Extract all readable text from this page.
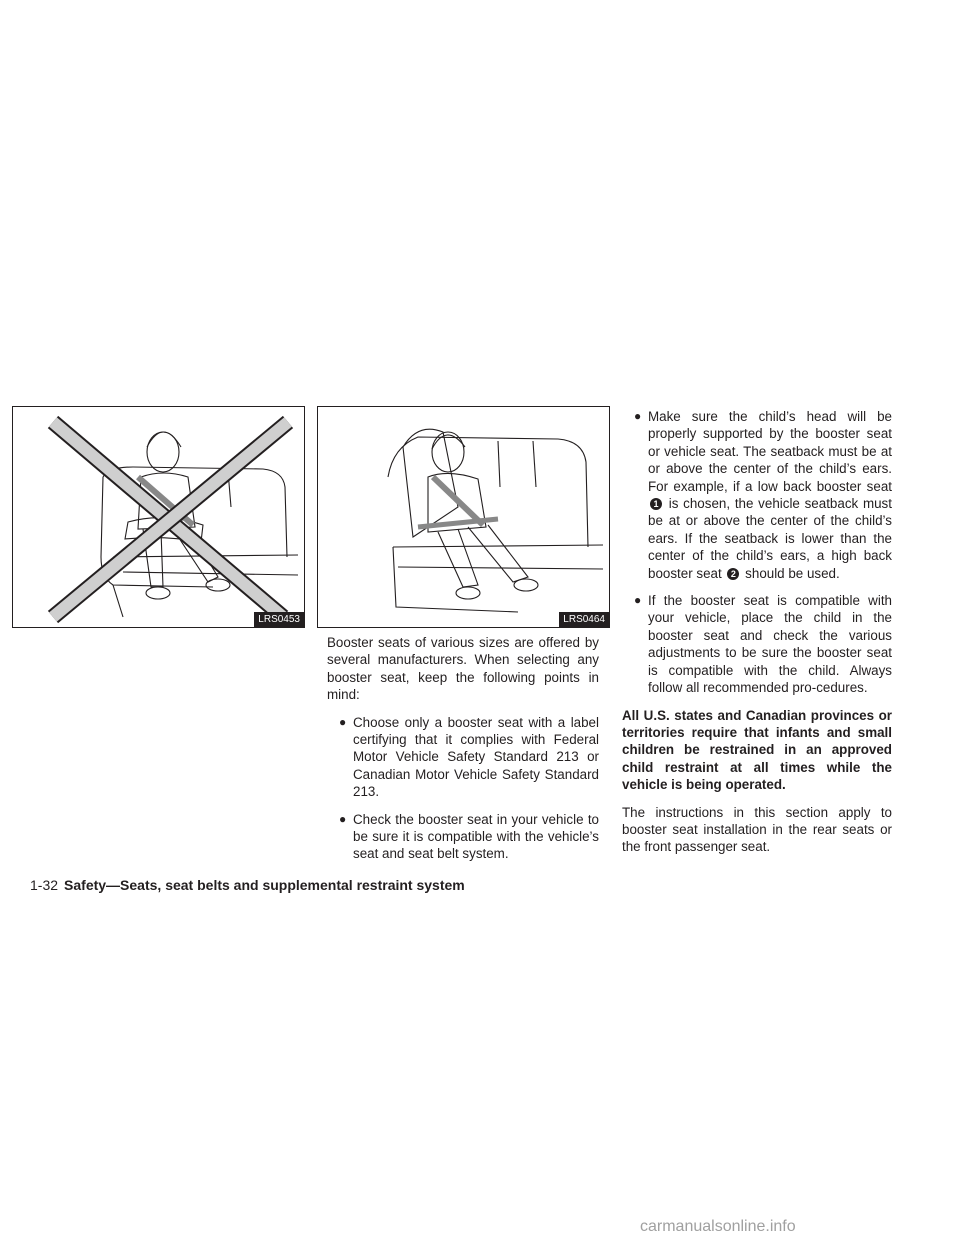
LRS0453	LRS0464

Booster seats of various sizes are offered by several manufacturers. When selecting any booster seat, keep the following points in mind:

● Choose only a booster seat with a label certifying that it complies with Federal Motor Vehicle Safety Standard 213 or Canadian Motor Vehicle Safety Standard 213.
● Check the booster seat in your vehicle to be sure it is compatible with the vehicle’s seat and seat belt system.
● Make sure the child’s head will be properly supported by the booster seat or vehicle seat. The seatback must be at or above the center of the child’s ears. For example, if a low back booster seat 1 is chosen, the vehicle seatback must be at or above the center of the child’s ears. If the seatback is lower than the center of the child’s ears, a high back booster seat 2 should be used.
● If the booster seat is compatible with your vehicle, place the child in the booster seat and check the various adjustments to be sure the booster seat is compatible with the child. Always follow all recommended pro-cedures.

All U.S. states and Canadian provinces or territories require that infants and small children be restrained in an approved child restraint at all times while the vehicle is being operated.

The instructions in this section apply to booster seat installation in the rear seats or the front passenger seat.

1-32 Safety—Seats, seat belts and supplemental restraint system
carmanualsonline.info
